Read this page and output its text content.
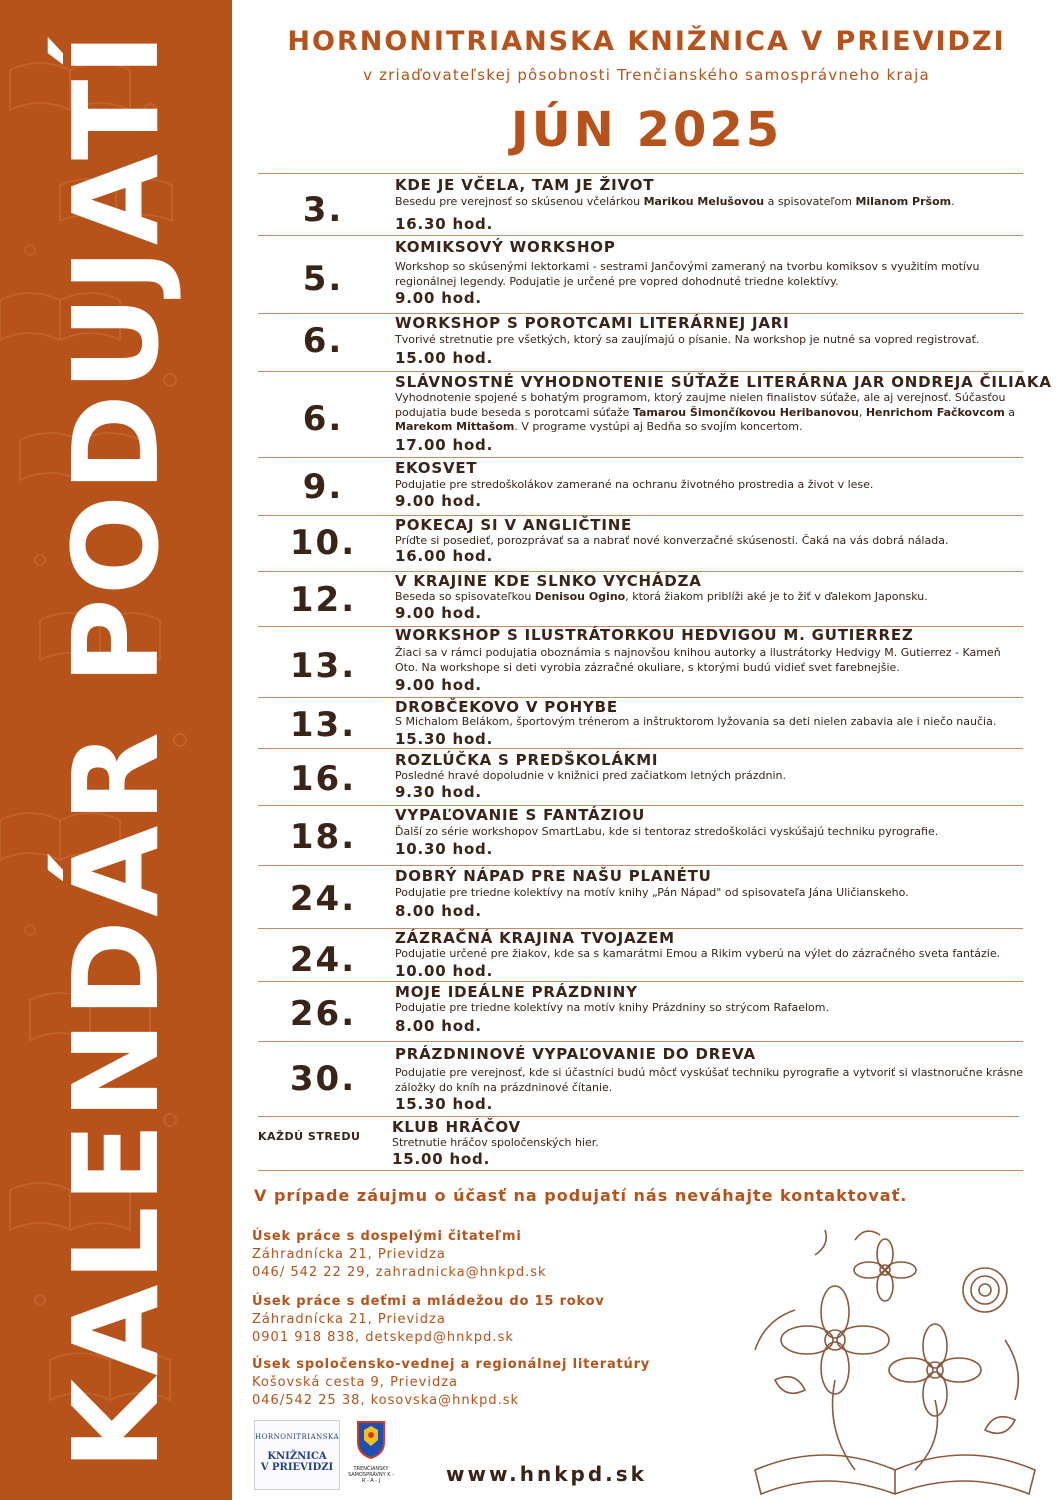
KALENDÁR PODUJATÍ	HORNONITRIANSKA KNIŽNICA V PRIEVIDZI
v zriaďovateľskej pôsobnosti Trenčianského samosprávneho kraja
JÚN 2025
3.
KDE JE VČELA, TAM JE ŽIVOT
Besedu pre verejnosť so skúsenou včelárkou Marikou Melušovou a spisovateľom Milanom Pršom.
16.30 hod.
5.
KOMIKSOVÝ WORKSHOP
Workshop so skúsenými lektorkami - sestrami Jančovými zameraný na tvorbu komiksov s využitím motívu regionálnej legendy. Podujatie je určené pre vopred dohodnuté triedne kolektívy.
9.00 hod.
6.	WORKSHOP S POROTCAMI LITERÁRNEJ JARI
Tvorivé stretnutie pre všetkých, ktorý sa zaujímajú o písanie. Na workshop je nutné sa vopred registrovať.
15.00 hod.
6.
SLÁVNOSTNÉ VYHODNOTENIE SÚŤAŽE LITERÁRNA JAR ONDREJA ČILIAKA
Vyhodnotenie spojené s bohatým programom, ktorý zaujme nielen finalistov súťaže, ale aj verejnosť. Súčasťou podujatia bude beseda s porotcami súťaže Tamarou Šimončíkovou Heribanovou, Henrichom Fačkovcom a Marekom Mittašom. V programe vystúpi aj Bedňa so svojím koncertom.
17.00 hod.
9.	EKOSVET
Podujatie pre stredoškolákov zamerané na ochranu životného prostredia a život v lese.
9.00 hod.
10.	POKECAJ SI V ANGLIČTINE
Príďte si posedieť, porozprávať sa a nabrať nové konverzačné skúsenosti. Čaká na vás dobrá nálada.
16.00 hod.
12.	V KRAJINE KDE SLNKO VYCHÁDZA
Beseda so spisovateľkou Denisou Ogino, ktorá žiakom priblíži aké je to žiť v ďalekom Japonsku.
9.00 hod.
13.
WORKSHOP S ILUSTRÁTORKOU HEDVIGOU M. GUTIERREZ
Žiaci sa v rámci podujatia oboznámia s najnovšou knihou autorky a ilustrátorky Hedvigy M. Gutierrez - Kameň Oto. Na workshope si deti vyrobia zázračné okuliare, s ktorými budú vidieť svet farebnejšie.
9.00 hod.
13.	DROBČEKOVO V POHYBE
S Michalom Belákom, športovým trénerom a inštruktorom lyžovania sa deti nielen zabavia ale i niečo naučia.
15.30 hod.
16.	ROZLÚČKA S PREDŠKOLÁKMI
Posledné hravé dopoludnie v knižnici pred začiatkom letných prázdnin.
9.30 hod.
18.
VYPAĽOVANIE S FANTÁZIOU
Ďalší zo série workshopov SmartLabu, kde si tentoraz stredoškoláci vyskúšajú techniku pyrografie.
10.30 hod.
24.
DOBRÝ NÁPAD PRE NAŠU PLANÉTU
Podujatie pre triedne kolektívy na motív knihy „Pán Nápad" od spisovateľa Jána Uličianskeho.
8.00 hod.
24.
ZÁZRAČNÁ KRAJINA TVOJAZEM
Podujatie určené pre žiakov, kde sa s kamarátmi Emou a Rikim vyberú na výlet do zázračného sveta fantázie.
10.00 hod.
26.
MOJE IDEÁLNE PRÁZDNINY
Podujatie pre triedne kolektívy na motív knihy Prázdniny so strýcom Rafaelom.
8.00 hod.
30.
PRÁZDNINOVÉ VYPAĽOVANIE DO DREVA
Podujatie pre verejnosť, kde si účastníci budú môcť vyskúšať techniku pyrografie a vytvoriť si vlastnoručne krásne záložky do kníh na prázdninové čítanie.
15.30 hod.
KAŽDÚ STREDU
KLUB HRÁČOV
Stretnutie hráčov spoločenských hier.
15.00 hod.
V prípade záujmu o účasť na podujatí nás neváhajte kontaktovať.
Úsek práce s dospelými čitateľmi
Záhradnícka 21, Prievidza
046/ 542 22 29, zahradnicka@hnkpd.sk
Úsek práce s deťmi a mládežou do 15 rokov
Záhradnícka 21, Prievidza
0901 918 838, detskepd@hnkpd.sk
Úsek spoločensko-vednej a regionálnej literatúry
Košovská cesta 9, Prievidza
046/542 25 38, kosovska@hnkpd.sk
HORNONITRIANSKA
KNIŽNICA
V PRIEVIDZI	TRENČIANSKY SAMOSPRÁVNY K - R - A - J	www.hnkpd.sk
